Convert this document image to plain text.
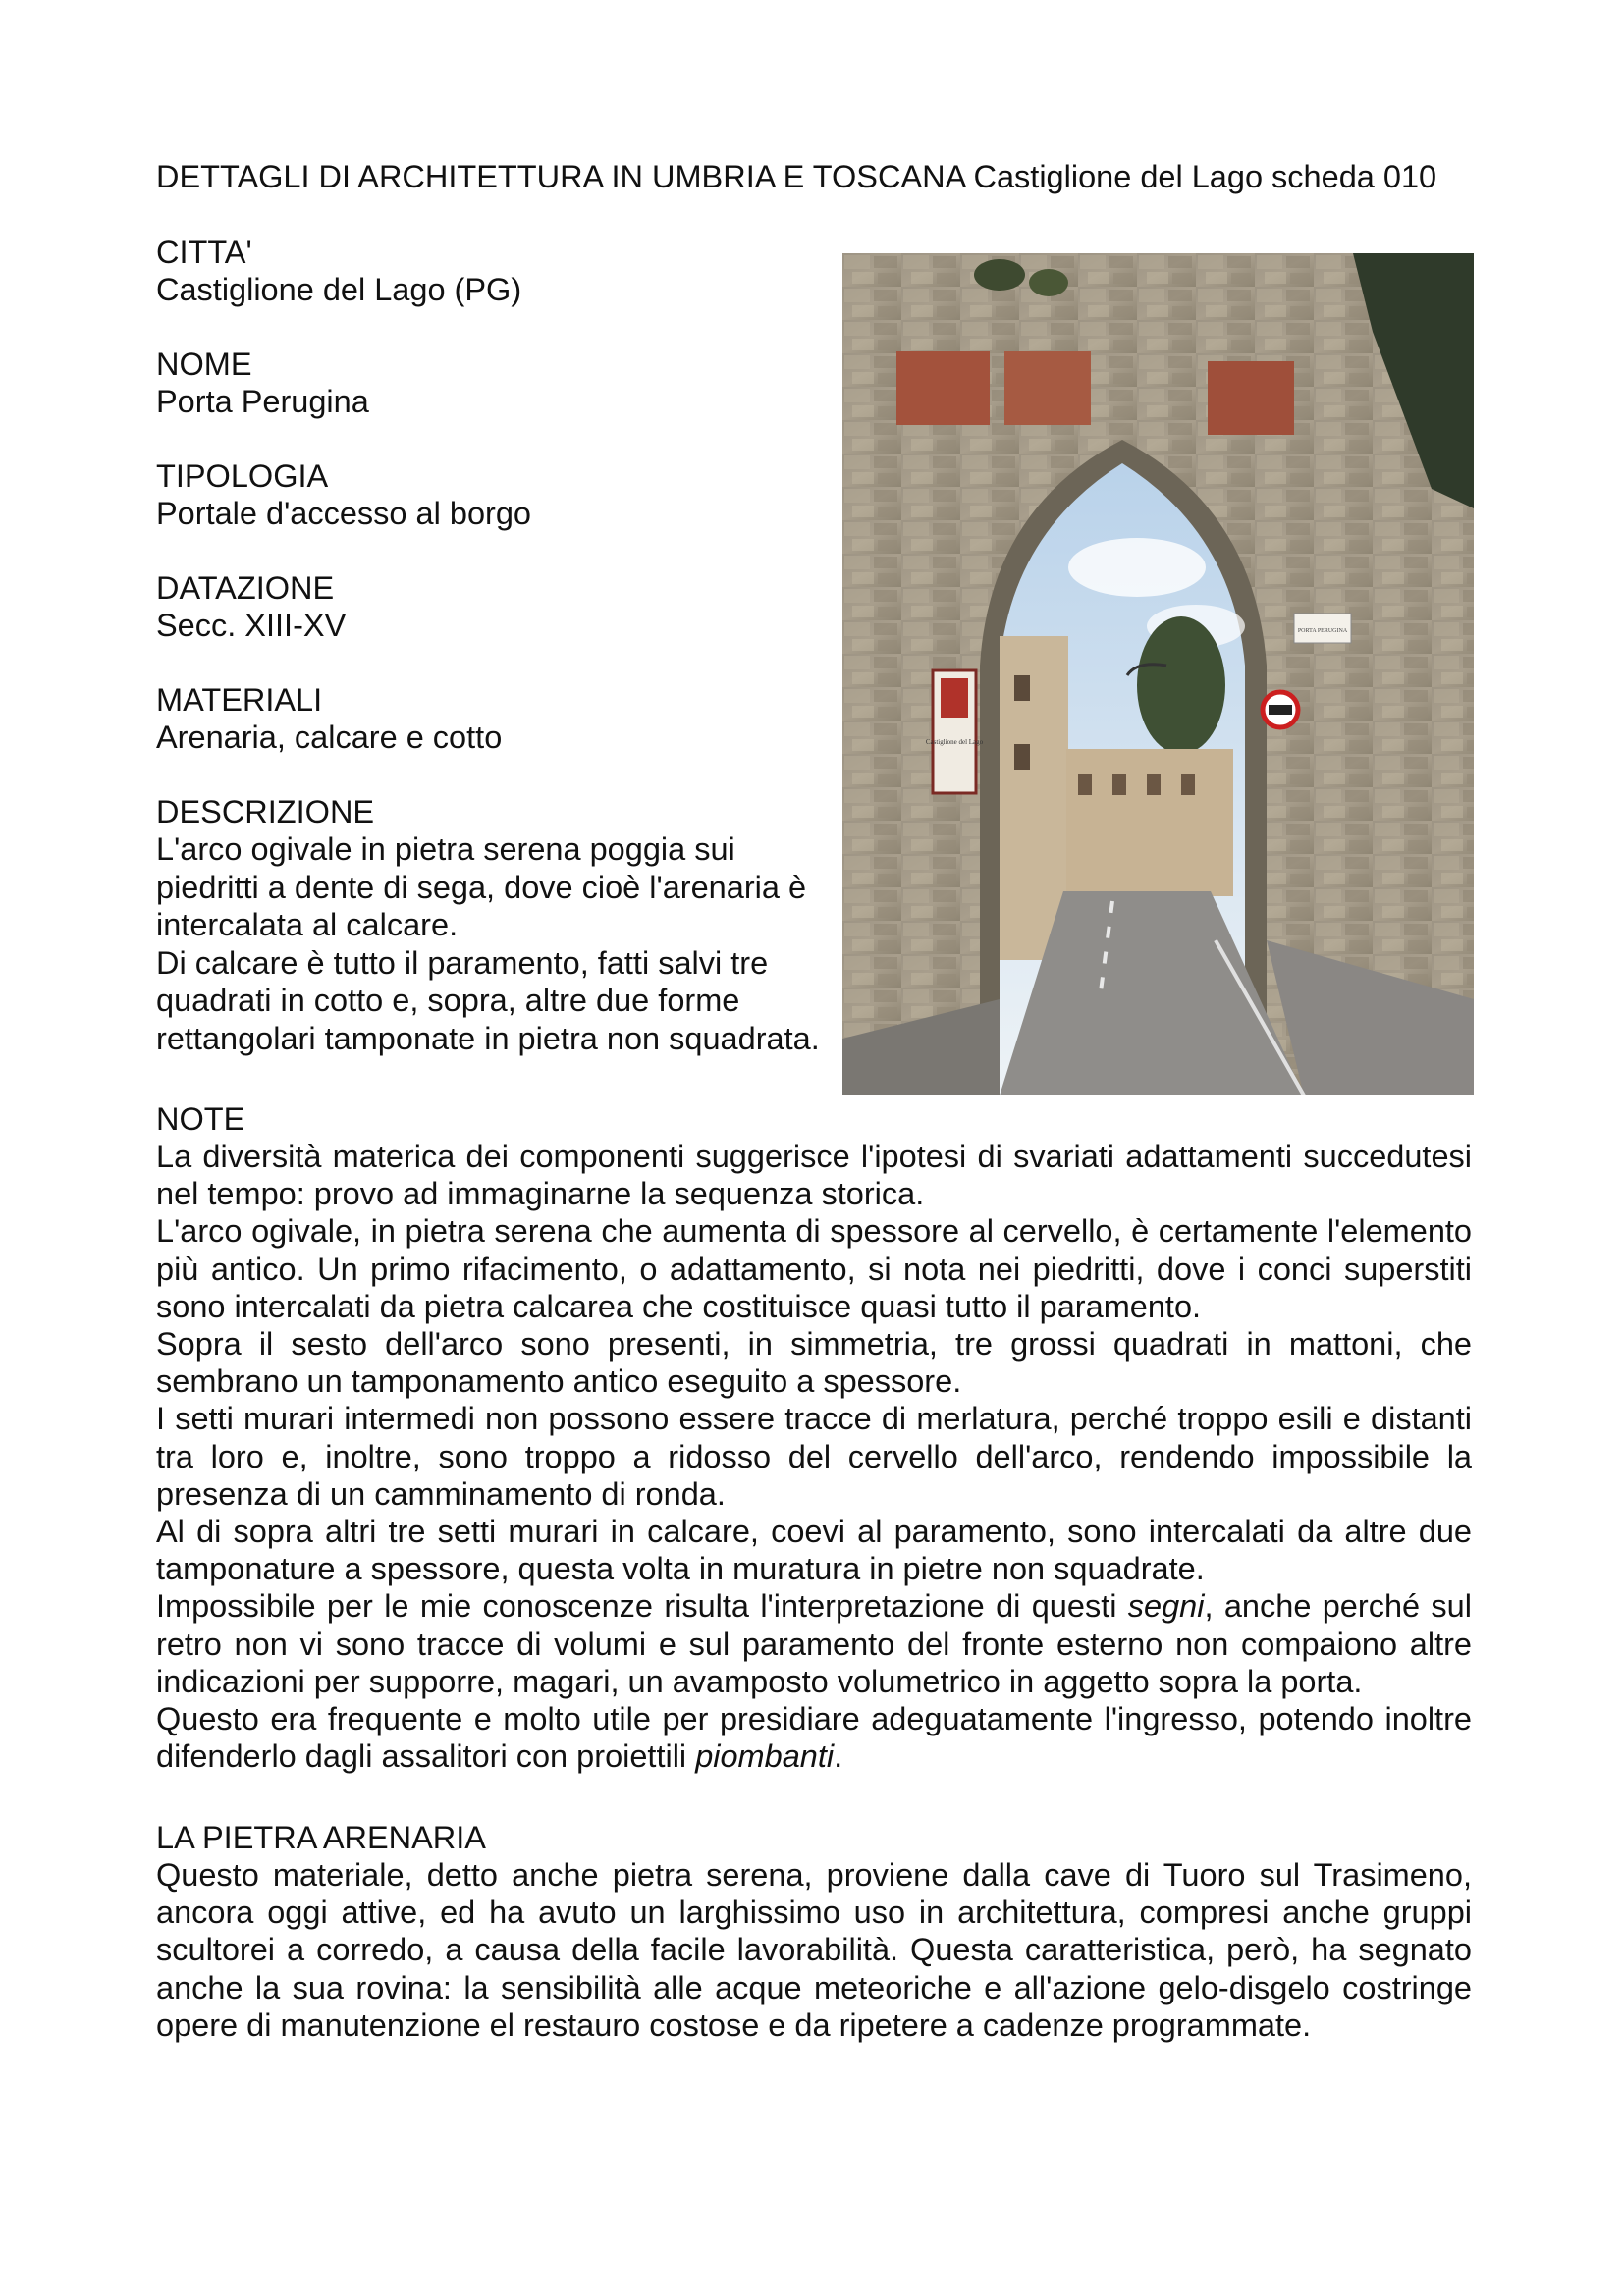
DETTAGLI DI ARCHITETTURA IN UMBRIA E TOSCANA Castiglione del Lago scheda 010
CITTA'
Castiglione del Lago (PG)
NOME
Porta Perugina
TIPOLOGIA
Portale d'accesso al borgo
DATAZIONE
Secc. XIII-XV
MATERIALI
Arenaria, calcare e cotto
DESCRIZIONE

L'arco ogivale in pietra serena poggia sui

piedritti a dente di sega, dove cioè l'arenaria è

intercalata al calcare.

Di calcare è tutto il paramento, fatti salvi tre

quadrati in cotto e, sopra, altre due forme

rettangolari tamponate in pietra non squadrata.

Castiglione del Lago
PORTA PERUGINA
NOTE

La diversità materica dei componenti suggerisce l'ipotesi di svariati adattamenti succedutesi nel tempo: provo ad immaginarne la sequenza storica.

L'arco ogivale, in pietra serena che aumenta di spessore al cervello, è certamente l'elemento più antico. Un primo rifacimento, o adattamento, si nota nei piedritti, dove i conci superstiti sono intercalati da pietra calcarea che costituisce quasi tutto il paramento.

Sopra il sesto dell'arco sono presenti, in simmetria, tre grossi quadrati in mattoni, che sembrano un tamponamento antico eseguito a spessore.

I setti murari intermedi non possono essere tracce di merlatura, perché troppo esili e distanti tra loro e, inoltre, sono troppo a ridosso del cervello dell'arco, rendendo impossibile la presenza di un camminamento di ronda.

Al di sopra altri tre setti murari in calcare, coevi al paramento, sono intercalati da altre due tamponature a spessore, questa volta in muratura in pietre non squadrate.

Impossibile per le mie conoscenze risulta l'interpretazione di questi segni, anche perché sul retro non vi sono tracce di volumi e sul paramento del fronte esterno non compaiono altre indicazioni per supporre, magari, un avamposto volumetrico in aggetto sopra la porta.

Questo era frequente e molto utile per presidiare adeguatamente l'ingresso, potendo inoltre difenderlo dagli assalitori con proiettili piombanti.

LA PIETRA ARENARIA

Questo materiale, detto anche pietra serena, proviene dalla cave di Tuoro sul Trasimeno, ancora oggi attive, ed ha avuto un larghissimo uso in architettura, compresi anche gruppi scultorei a corredo, a causa della facile lavorabilità. Questa caratteristica, però, ha segnato anche la sua rovina: la sensibilità alle acque meteoriche e all'azione gelo-disgelo costringe opere di manutenzione el restauro costose e da ripetere a cadenze programmate.
